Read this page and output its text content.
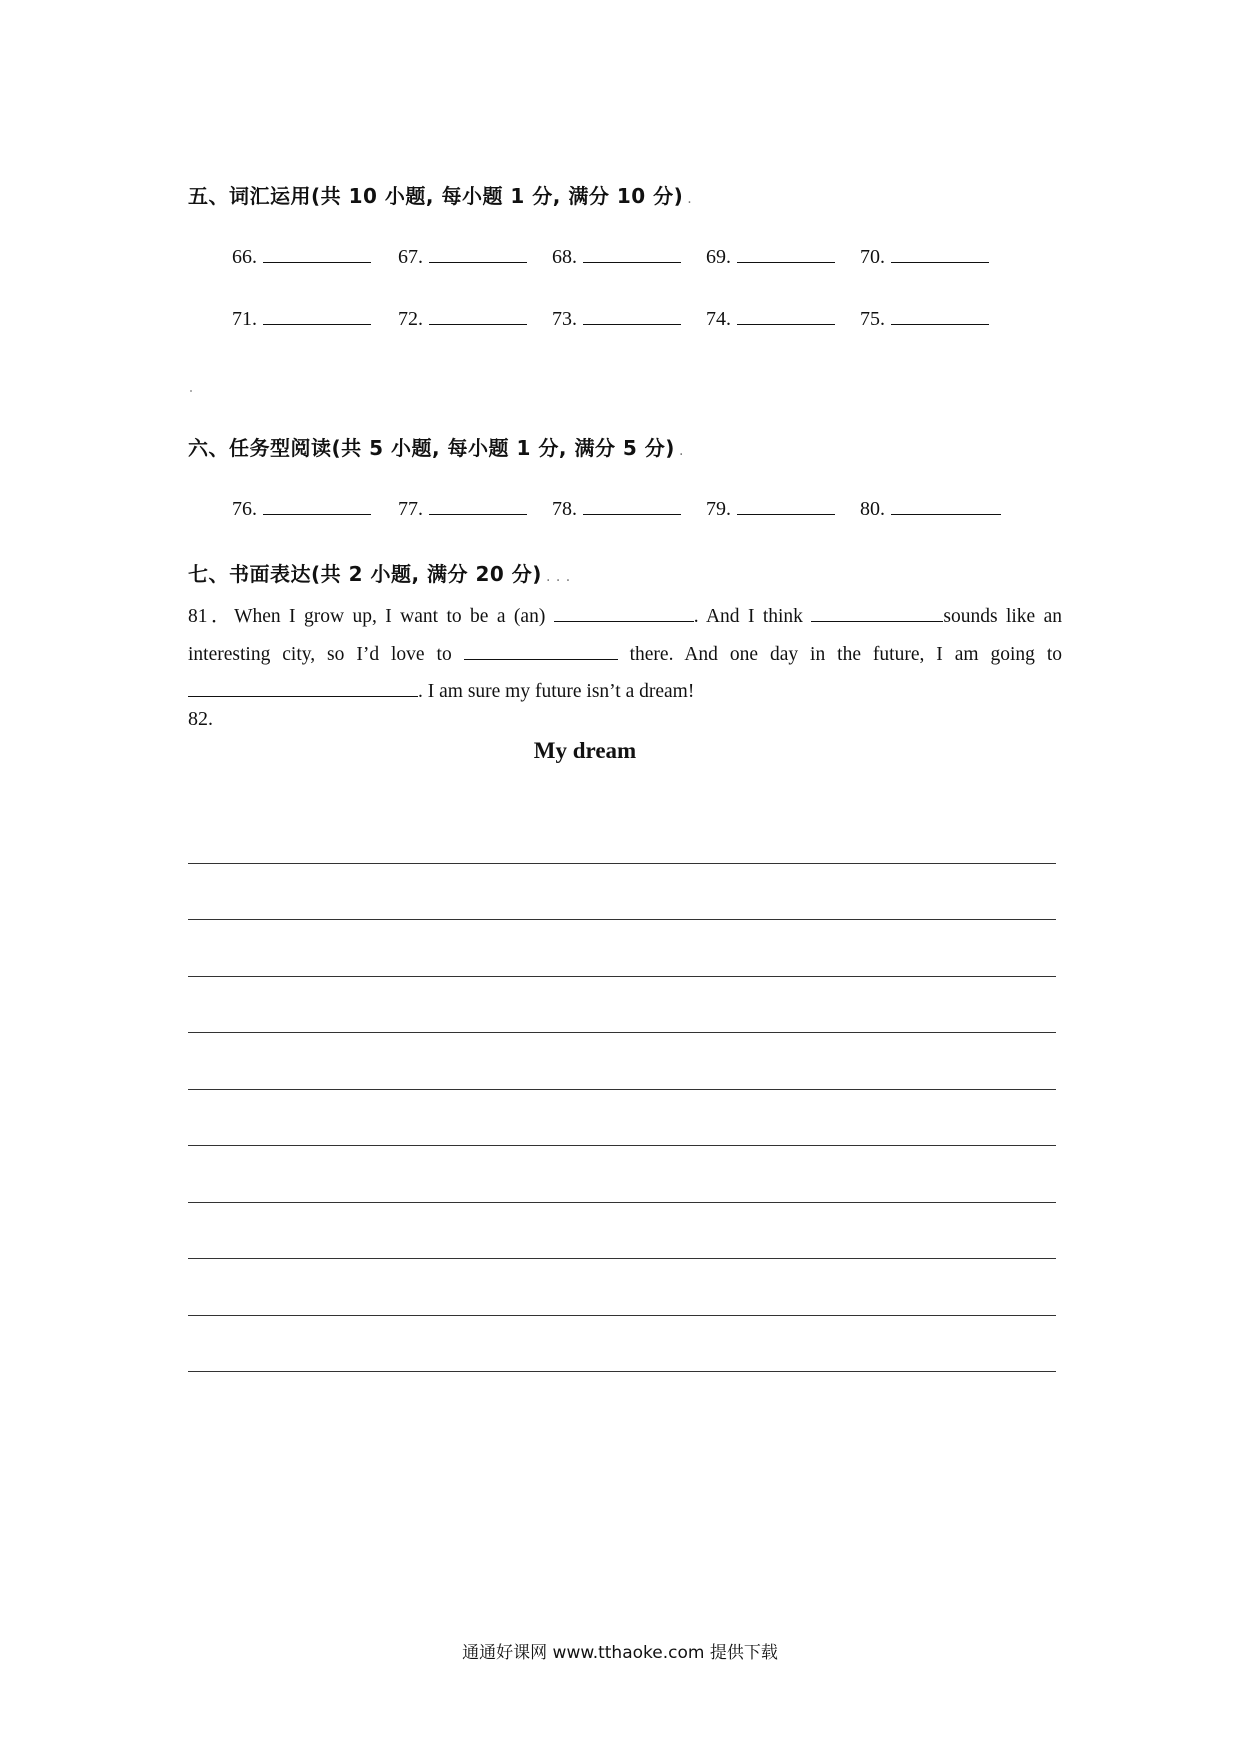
五、词汇运用(共 10 小题, 每小题 1 分, 满分 10 分) .
66.	67.	68.	69.	70.
71.	72.	73.	74.	75.
六、任务型阅读(共 5 小题, 每小题 1 分, 满分 5 分) .
76.	77.	78.	79.	80.
七、书面表达(共 2 小题, 满分 20 分) . . .
81．When I grow up, I want to be a (an)	. And I think	sounds like an interesting city, so I’d love to	there. And one day in the future, I am going to . I am sure my future isn’t a dream!
82.
My dream
通通好课网 www.tthaoke.com 提供下载
